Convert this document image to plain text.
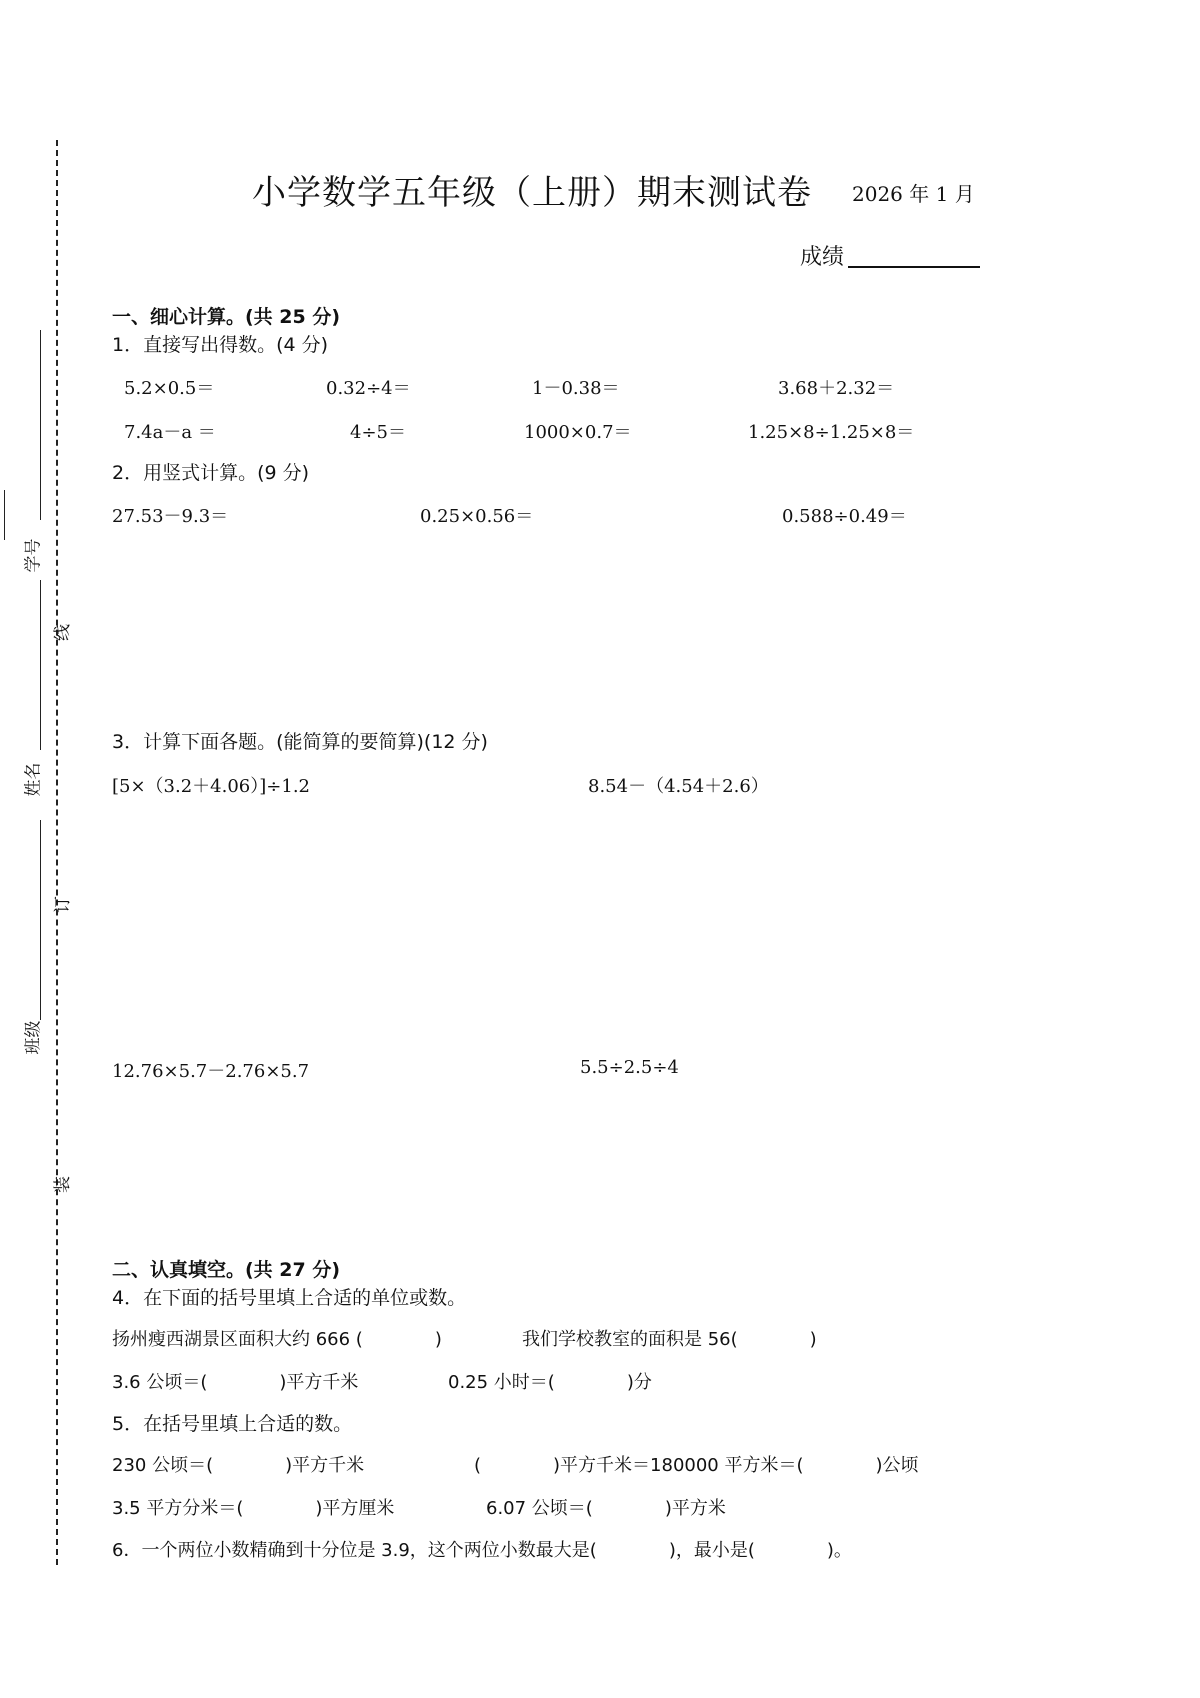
学号
线
姓名
订
班级
装
小学数学五年级（上册）期末测试卷 2026 年 1 月
成绩
一、细心计算。(共 25 分)
1．直接写出得数。(4 分)
5.2×0.5＝	0.32÷4＝	1－0.38＝	3.68＋2.32＝
7.4a－a ＝	4÷5＝	1000×0.7＝	1.25×8÷1.25×8＝
2．用竖式计算。(9 分)
27.53－9.3＝	0.25×0.56＝	0.588÷0.49＝
3．计算下面各题。(能简算的要简算)(12 分)
[5×（3.2＋4.06）]÷1.2	8.54－（4.54＋2.6）
12.76×5.7－2.76×5.7	5.5÷2.5÷4
二、认真填空。(共 27 分)
4．在下面的括号里填上合适的单位或数。
扬州瘦西湖景区面积大约 666 (　　　　)	我们学校教室的面积是 56(　　　　)
3.6 公顷＝(　　　　)平方千米	0.25 小时＝(　　　　)分
5．在括号里填上合适的数。
230 公顷＝(　　　　)平方千米	(　　　　)平方千米＝180000 平方米＝(　　　　)公顷
3.5 平方分米＝(　　　　)平方厘米	6.07 公顷＝(　　　　)平方米
6．一个两位小数精确到十分位是 3.9，这个两位小数最大是(　　　　)，最小是(　　　　)。
